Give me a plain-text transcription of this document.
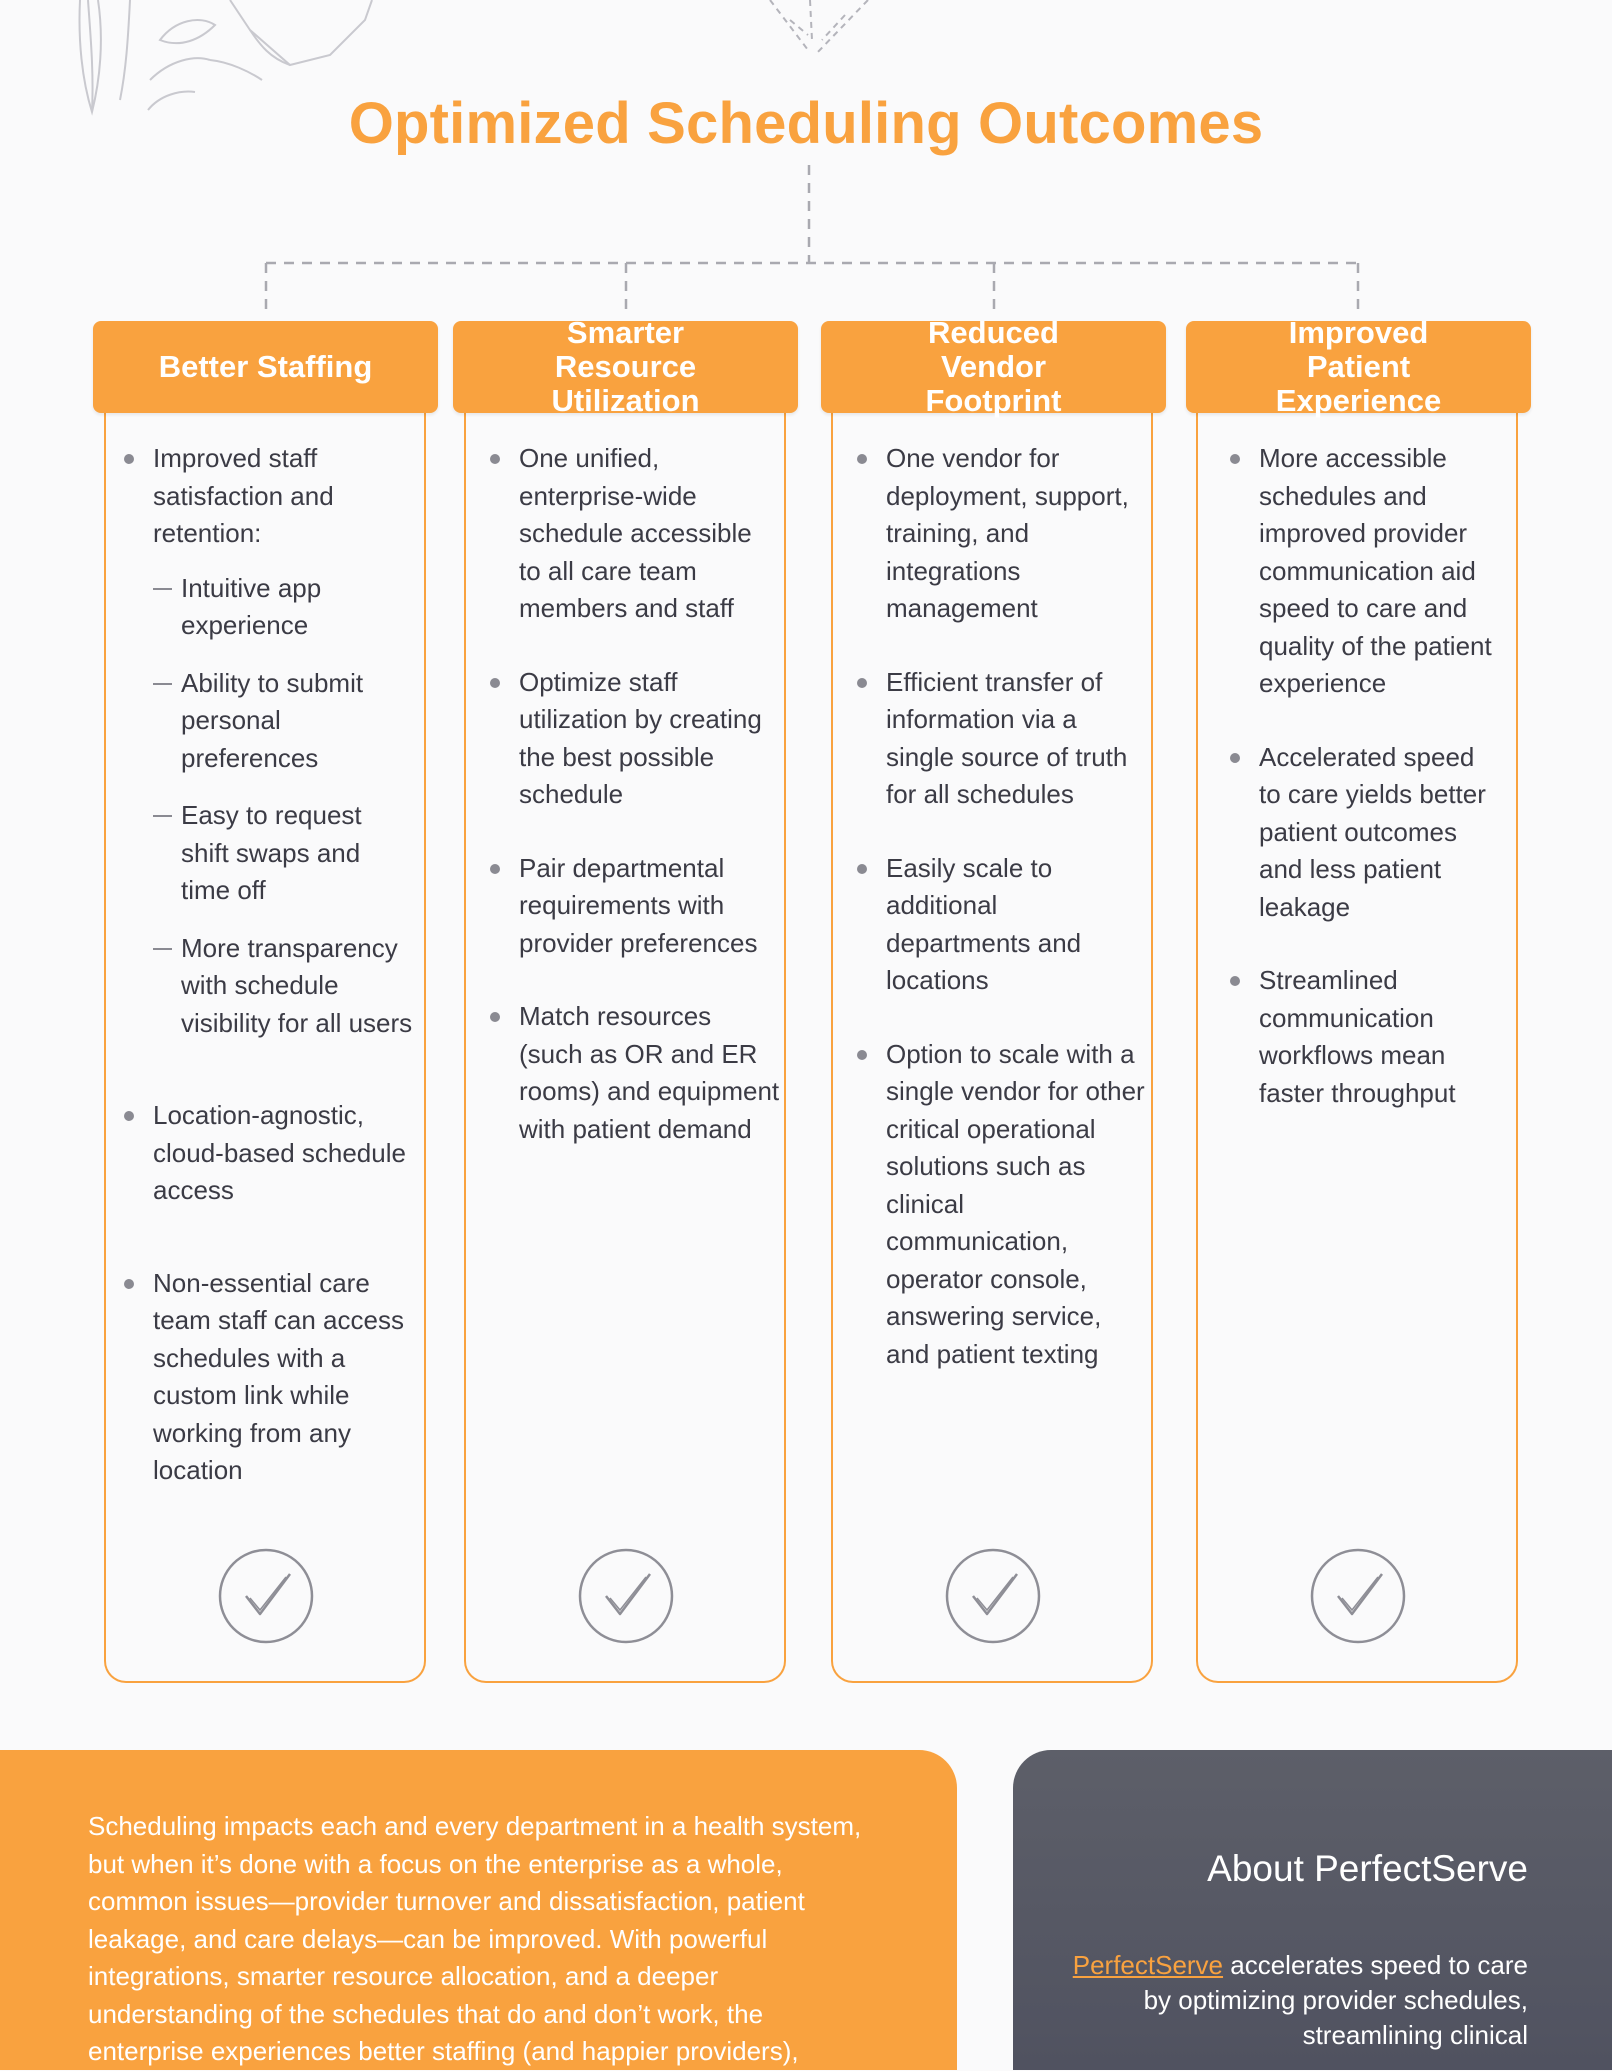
Optimized Scheduling Outcomes
Better Staffing
Smarter Resource Utilization
Reduced Vendor Footprint
Improved Patient Experience
Improved staff satisfaction and retention:
Intuitive app experience
Ability to submit personal preferences
Easy to request shift swaps and time off
More transparency with schedule visibility for all users
Location-agnostic, cloud-based schedule access
Non-essential care team staff can access schedules with a custom link while working from any location
One unified, enterprise-wide schedule accessible to all care team members and staff
Optimize staff utilization by creating the best possible schedule
Pair departmental requirements with provider preferences
Match resources (such as OR and ER rooms) and equipment with patient demand
One vendor for deployment, support, training, and integrations management
Efficient transfer of information via a single source of truth for all schedules
Easily scale to additional departments and locations
Option to scale with a single vendor for other critical operational solutions such as clinical communication, operator console, answering service, and patient texting
More accessible schedules and improved provider communication aid speed to care and quality of the patient experience
Accelerated speed to care yields better patient outcomes and less patient leakage
Streamlined communication workflows mean faster throughput

Scheduling impacts each and every department in a health system, but when it’s done with a focus on the enterprise as a whole, common issues—provider turnover and dissatisfaction, patient leakage, and care delays—can be improved. With powerful integrations, smarter resource allocation, and a deeper understanding of the schedules that do and don’t work, the enterprise experiences better staffing (and happier providers),

About PerfectServe

PerfectServe accelerates speed to care by optimizing provider schedules, streamlining clinical
